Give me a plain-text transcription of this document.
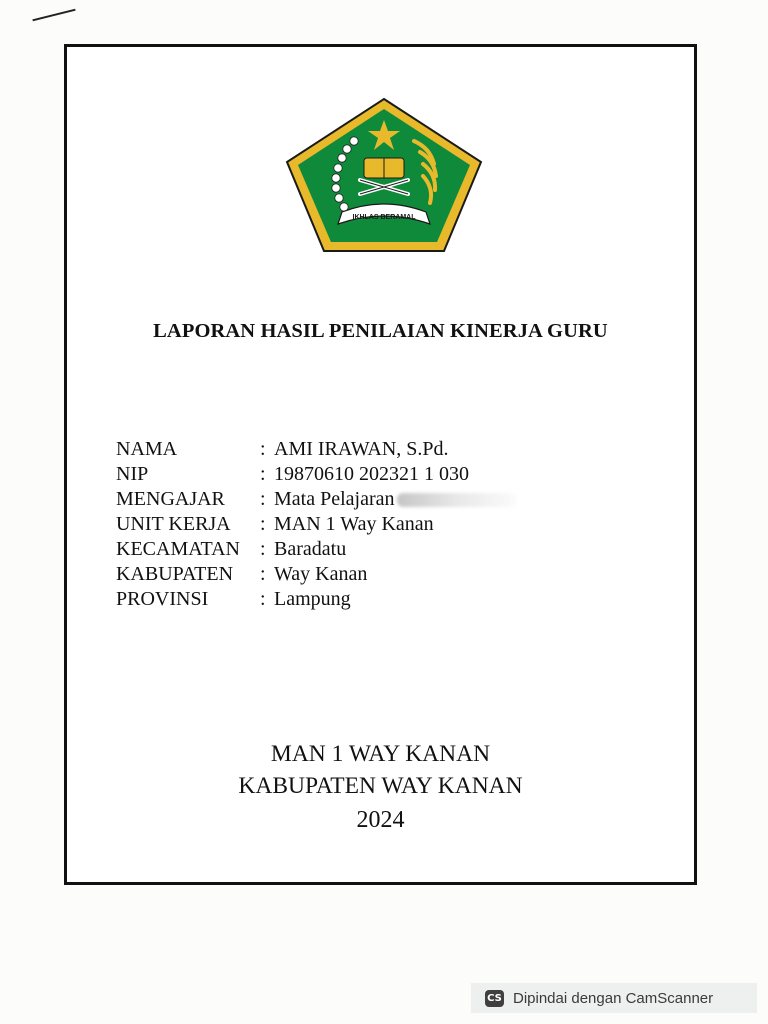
IKHLAS BERAMAL
LAPORAN HASIL PENILAIAN KINERJA GURU
NAMA	: AMI IRAWAN, S.Pd.
NIP	: 19870610 202321 1 030
MENGAJAR	: Mata Pelajaran
UNIT KERJA	: MAN 1 Way Kanan
KECAMATAN	: Baradatu
KABUPATEN	: Way Kanan
PROVINSI	: Lampung
MAN 1 WAY KANAN
KABUPATEN WAY KANAN
2024
CS Dipindai dengan CamScanner
